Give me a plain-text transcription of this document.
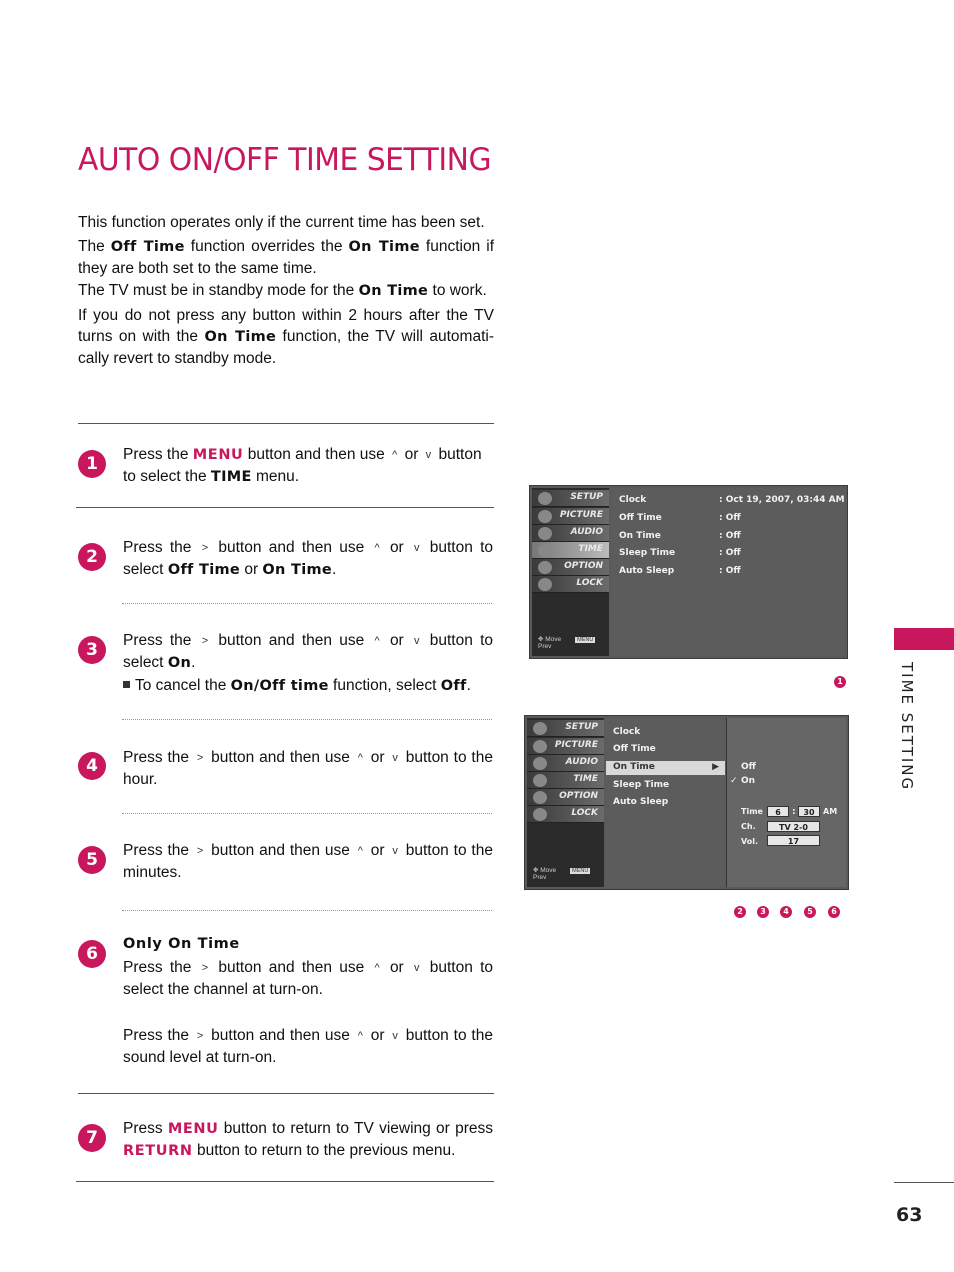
AUTO ON/OFF TIME SETTING

This function operates only if the current time has been set.

The Off Time function overrides the On Time function if they are both set to the same time.

The TV must be in standby mode for the On Time to work.

If you do not press any button within 2 hours after the TV turns on with the On Time function, the TV will automati-cally revert to standby mode.

1	Press the MENU button and then use ^ or v button to select the TIME menu.
2	Press the > button and then use ^ or v button to select Off Time or On Time.
3	Press the > button and then use ^ or v button to select On.
To cancel the On/Off time function, select Off.
4	Press the > button and then use ^ or v button to the hour.
5	Press the > button and then use ^ or v button to the minutes.
6	Only On Time
Press the > button and then use ^ or v button to select the channel at turn-on.
Press the > button and then use ^ or v button to the sound level at turn-on.
7	Press MENU button to return to TV viewing or press RETURN button to return to the previous menu.
TIME SETTING
63
SETUP
PICTURE
AUDIO
TIME
OPTION
LOCK
✥ Move	MENU Prev
Clock	: Oct 19, 2007, 03:44 AM
Off Time	: Off
On Time	: Off
Sleep Time	: Off
Auto Sleep	: Off
1
SETUP
PICTURE
AUDIO
TIME
OPTION
LOCK
✥ Move	MENU Prev
Clock
Off Time
On Time	▶
Sleep Time
Auto Sleep
Off
✓ On
Time	6	: 30	AM
Ch.	TV 2-0
Vol.	17
2	3	4	5	6
